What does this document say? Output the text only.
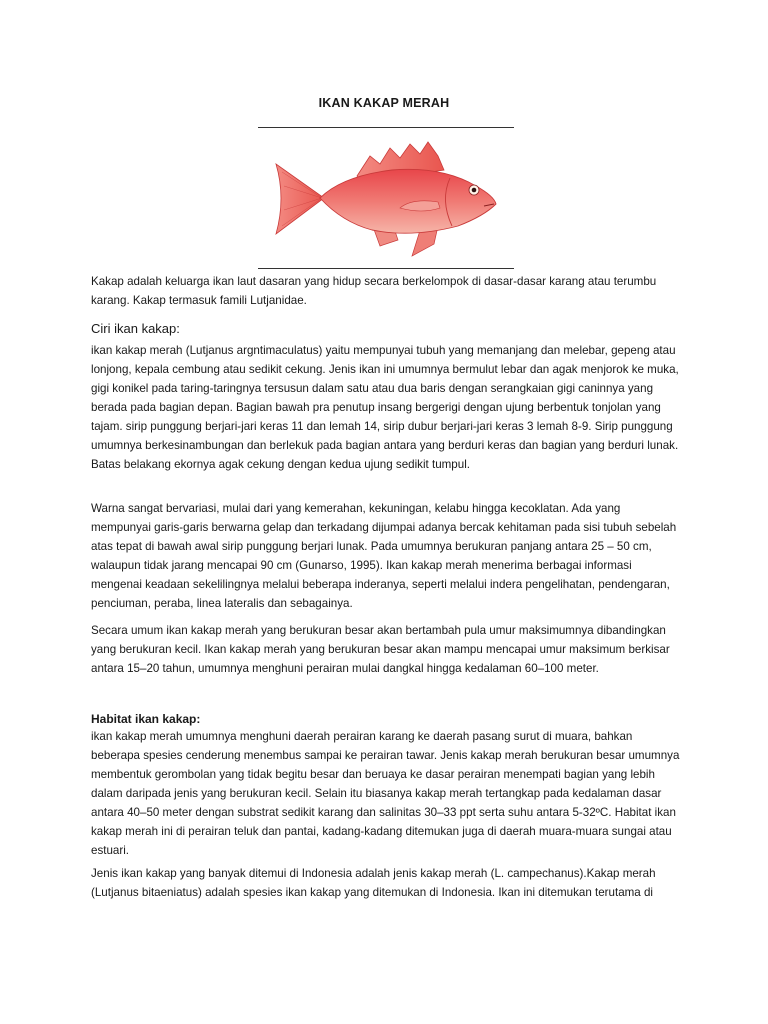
IKAN KAKAP MERAH

Kakap adalah keluarga ikan laut dasaran yang hidup secara berkelompok di dasar-dasar karang atau terumbu karang. Kakap termasuk famili Lutjanidae.

Ciri ikan kakap:

ikan kakap merah (Lutjanus argntimaculatus) yaitu mempunyai tubuh yang memanjang dan melebar, gepeng atau lonjong, kepala cembung atau sedikit cekung. Jenis ikan ini umumnya bermulut lebar dan agak menjorok ke muka, gigi konikel pada taring-taringnya tersusun dalam satu atau dua baris dengan serangkaian gigi caninnya yang berada pada bagian depan. Bagian bawah pra penutup insang bergerigi dengan ujung berbentuk tonjolan yang tajam. sirip punggung berjari-jari keras 11 dan lemah 14, sirip dubur berjari-jari keras 3 lemah 8-9. Sirip punggung umumnya berkesinambungan dan berlekuk pada bagian antara yang berduri keras dan bagian yang berduri lunak. Batas belakang ekornya agak cekung dengan kedua ujung sedikit tumpul.

Warna sangat bervariasi, mulai dari yang kemerahan, kekuningan, kelabu hingga kecoklatan. Ada yang mempunyai garis-garis berwarna gelap dan terkadang dijumpai adanya bercak kehitaman pada sisi tubuh sebelah atas tepat di bawah awal sirip punggung berjari lunak. Pada umumnya berukuran panjang antara 25 – 50 cm, walaupun tidak jarang mencapai 90 cm (Gunarso, 1995). Ikan kakap merah menerima berbagai informasi mengenai keadaan sekelilingnya melalui beberapa inderanya, seperti melalui indera pengelihatan, pendengaran, penciuman, peraba, linea lateralis dan sebagainya.

Secara umum ikan kakap merah yang berukuran besar akan bertambah pula umur maksimumnya dibandingkan yang berukuran kecil. Ikan kakap merah yang berukuran besar akan mampu mencapai umur maksimum berkisar antara 15–20 tahun, umumnya menghuni perairan mulai dangkal hingga kedalaman 60–100 meter.

Habitat ikan kakap:

ikan kakap merah umumnya menghuni daerah perairan karang ke daerah pasang surut di muara, bahkan beberapa spesies cenderung menembus sampai ke perairan tawar. Jenis kakap merah berukuran besar umumnya membentuk gerombolan yang tidak begitu besar dan beruaya ke dasar perairan menempati bagian yang lebih dalam daripada jenis yang berukuran kecil. Selain itu biasanya kakap merah tertangkap pada kedalaman dasar antara 40–50 meter dengan substrat sedikit karang dan salinitas 30–33 ppt serta suhu antara 5-32ºC. Habitat ikan kakap merah ini di perairan teluk dan pantai, kadang-kadang ditemukan juga di daerah muara-muara sungai atau estuari.

Jenis ikan kakap yang banyak ditemui di Indonesia adalah jenis kakap merah (L. campechanus).Kakap merah (Lutjanus bitaeniatus) adalah spesies ikan kakap yang ditemukan di Indonesia. Ikan ini ditemukan terutama di
